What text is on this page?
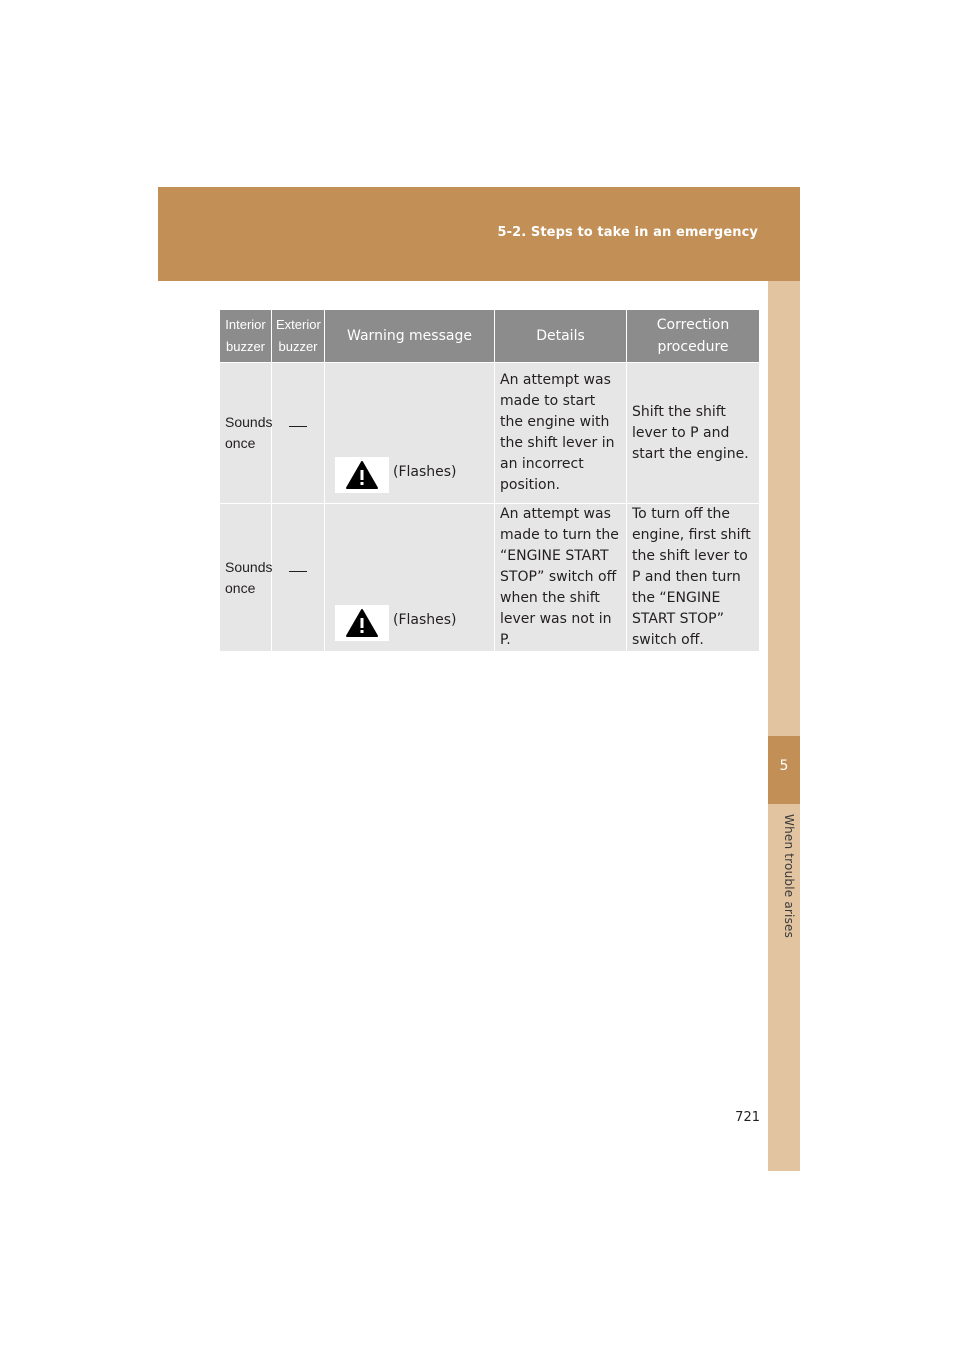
5-2. Steps to take in an emergency
5
When trouble arises
Interior buzzer	Exterior buzzer	Warning message	Details	Correction procedure
Sounds once		(Flashes)	An attempt was made to start the engine with the shift lever in an incorrect position.	Shift the shift lever to P and start the engine.
Sounds once		(Flashes)	An attempt was made to turn the “ENGINE START STOP” switch off when the shift lever was not in P.	To turn off the engine, first shift the shift lever to P and then turn the “ENGINE START STOP” switch off.
721
